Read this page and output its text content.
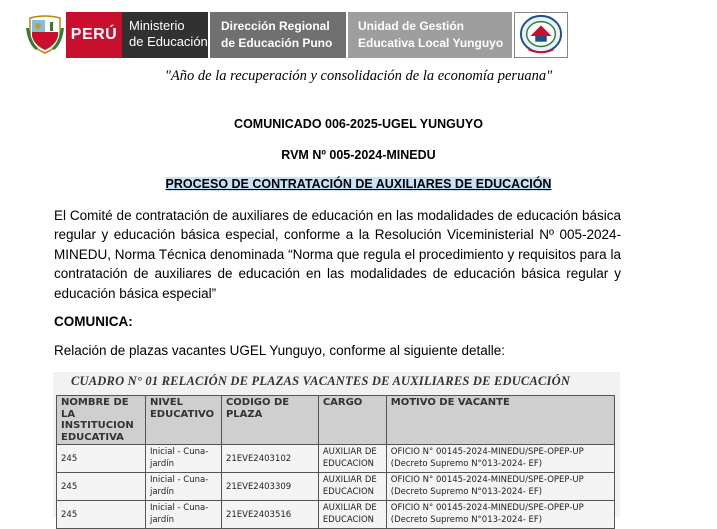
PERÚ
Ministerio
de Educación
Dirección Regional
de Educación Puno
Unidad de Gestión
Educativa Local Yunguyo
"Año de la recuperación y consolidación de la economía peruana"
COMUNICADO 006-2025-UGEL YUNGUYO
RVM Nº 005-2024-MINEDU
PROCESO DE CONTRATACIÓN DE AUXILIARES DE EDUCACIÓN
El Comité de contratación de auxiliares de educación en las modalidades de educación básica regular y educación básica especial, conforme a la Resolución Viceministerial Nº 005-2024-MINEDU, Norma Técnica denominada “Norma que regula el procedimiento y requisitos para la contratación de auxiliares de educación en las modalidades de educación básica regular y educación básica especial”
COMUNICA:
Relación de plazas vacantes UGEL Yunguyo, conforme al siguiente detalle:
CUADRO N° 01 RELACIÓN DE PLAZAS VACANTES DE AUXILIARES DE EDUCACIÓN
NOMBRE DE LA INSTITUCION EDUCATIVA	NIVEL EDUCATIVO	CODIGO DE PLAZA	CARGO	MOTIVO DE VACANTE
245	Inicial - Cuna-jardín	21EVE2403102	AUXILIAR DE EDUCACION	OFICIO N° 00145-2024-MINEDU/SPE-OPEP-UP (Decreto Supremo N°013-2024- EF)
245	Inicial - Cuna-jardín	21EVE2403309	AUXILIAR DE EDUCACION	OFICIO N° 00145-2024-MINEDU/SPE-OPEP-UP (Decreto Supremo N°013-2024- EF)
245	Inicial - Cuna-jardín	21EVE2403516	AUXILIAR DE EDUCACION	OFICIO N° 00145-2024-MINEDU/SPE-OPEP-UP (Decreto Supremo N°013-2024- EF)
